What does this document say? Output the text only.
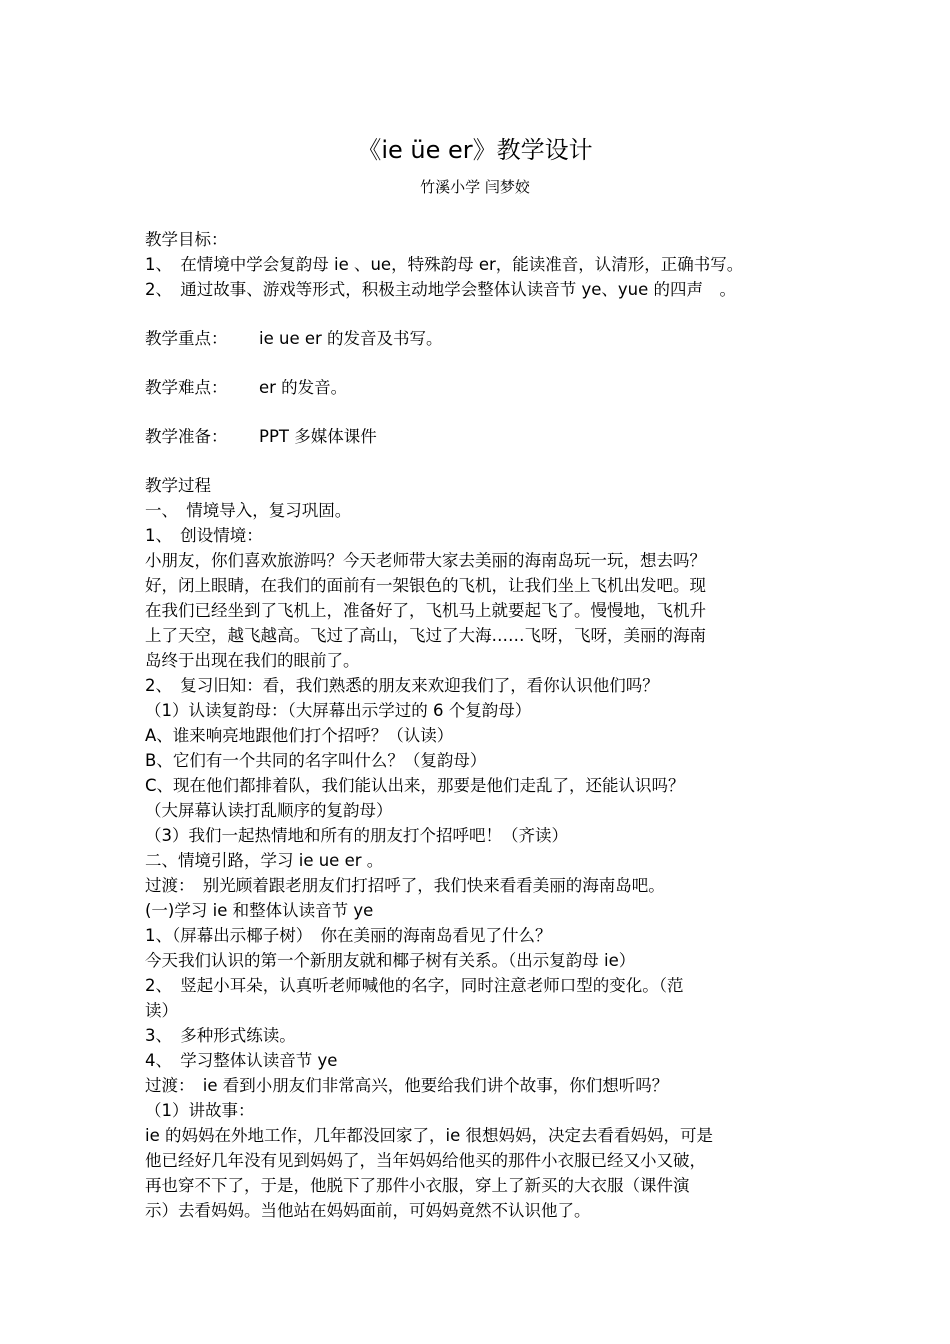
《ie üe er》教学设计
竹溪小学 闫梦姣
教学目标：
1、　在情境中学会复韵母 ie 、ue，特殊韵母 er，能读准音，认清形，正确书写。
2、　通过故事、游戏等形式，积极主动地学会整体认读音节 ye、yue 的四声　。
教学重点：	ie ue er 的发音及书写。
教学难点：	er 的发音。
教学准备：	PPT 多媒体课件
教学过程
一、　情境导入，复习巩固。
1、　创设情境：
小朋友，你们喜欢旅游吗？今天老师带大家去美丽的海南岛玩一玩，想去吗？
好，闭上眼睛，在我们的面前有一架银色的飞机，让我们坐上飞机出发吧。现
在我们已经坐到了飞机上，准备好了，飞机马上就要起飞了。慢慢地，飞机升
上了天空，越飞越高。飞过了高山，飞过了大海……飞呀，飞呀，美丽的海南
岛终于出现在我们的眼前了。
2、　复习旧知：看，我们熟悉的朋友来欢迎我们了，看你认识他们吗？
（1）认读复韵母：（大屏幕出示学过的 6 个复韵母）
A、谁来响亮地跟他们打个招呼？（认读）
B、它们有一个共同的名字叫什么？（复韵母）
C、现在他们都排着队，我们能认出来，那要是他们走乱了，还能认识吗？
（大屏幕认读打乱顺序的复韵母）
（3）我们一起热情地和所有的朋友打个招呼吧！（齐读）
二、情境引路，学习 ie ue er 。
过渡：　别光顾着跟老朋友们打招呼了，我们快来看看美丽的海南岛吧。
(一)学习 ie 和整体认读音节 ye
1、（屏幕出示椰子树）　你在美丽的海南岛看见了什么？
今天我们认识的第一个新朋友就和椰子树有关系。（出示复韵母 ie）
2、　竖起小耳朵，认真听老师喊他的名字，同时注意老师口型的变化。（范
读）
3、　多种形式练读。
4、　学习整体认读音节 ye
过渡：　ie 看到小朋友们非常高兴，他要给我们讲个故事，你们想听吗？
（1）讲故事：
ie 的妈妈在外地工作，几年都没回家了，ie 很想妈妈，决定去看看妈妈，可是
他已经好几年没有见到妈妈了，当年妈妈给他买的那件小衣服已经又小又破，
再也穿不下了，于是，他脱下了那件小衣服，穿上了新买的大衣服（课件演
示）去看妈妈。当他站在妈妈面前，可妈妈竟然不认识他了。
